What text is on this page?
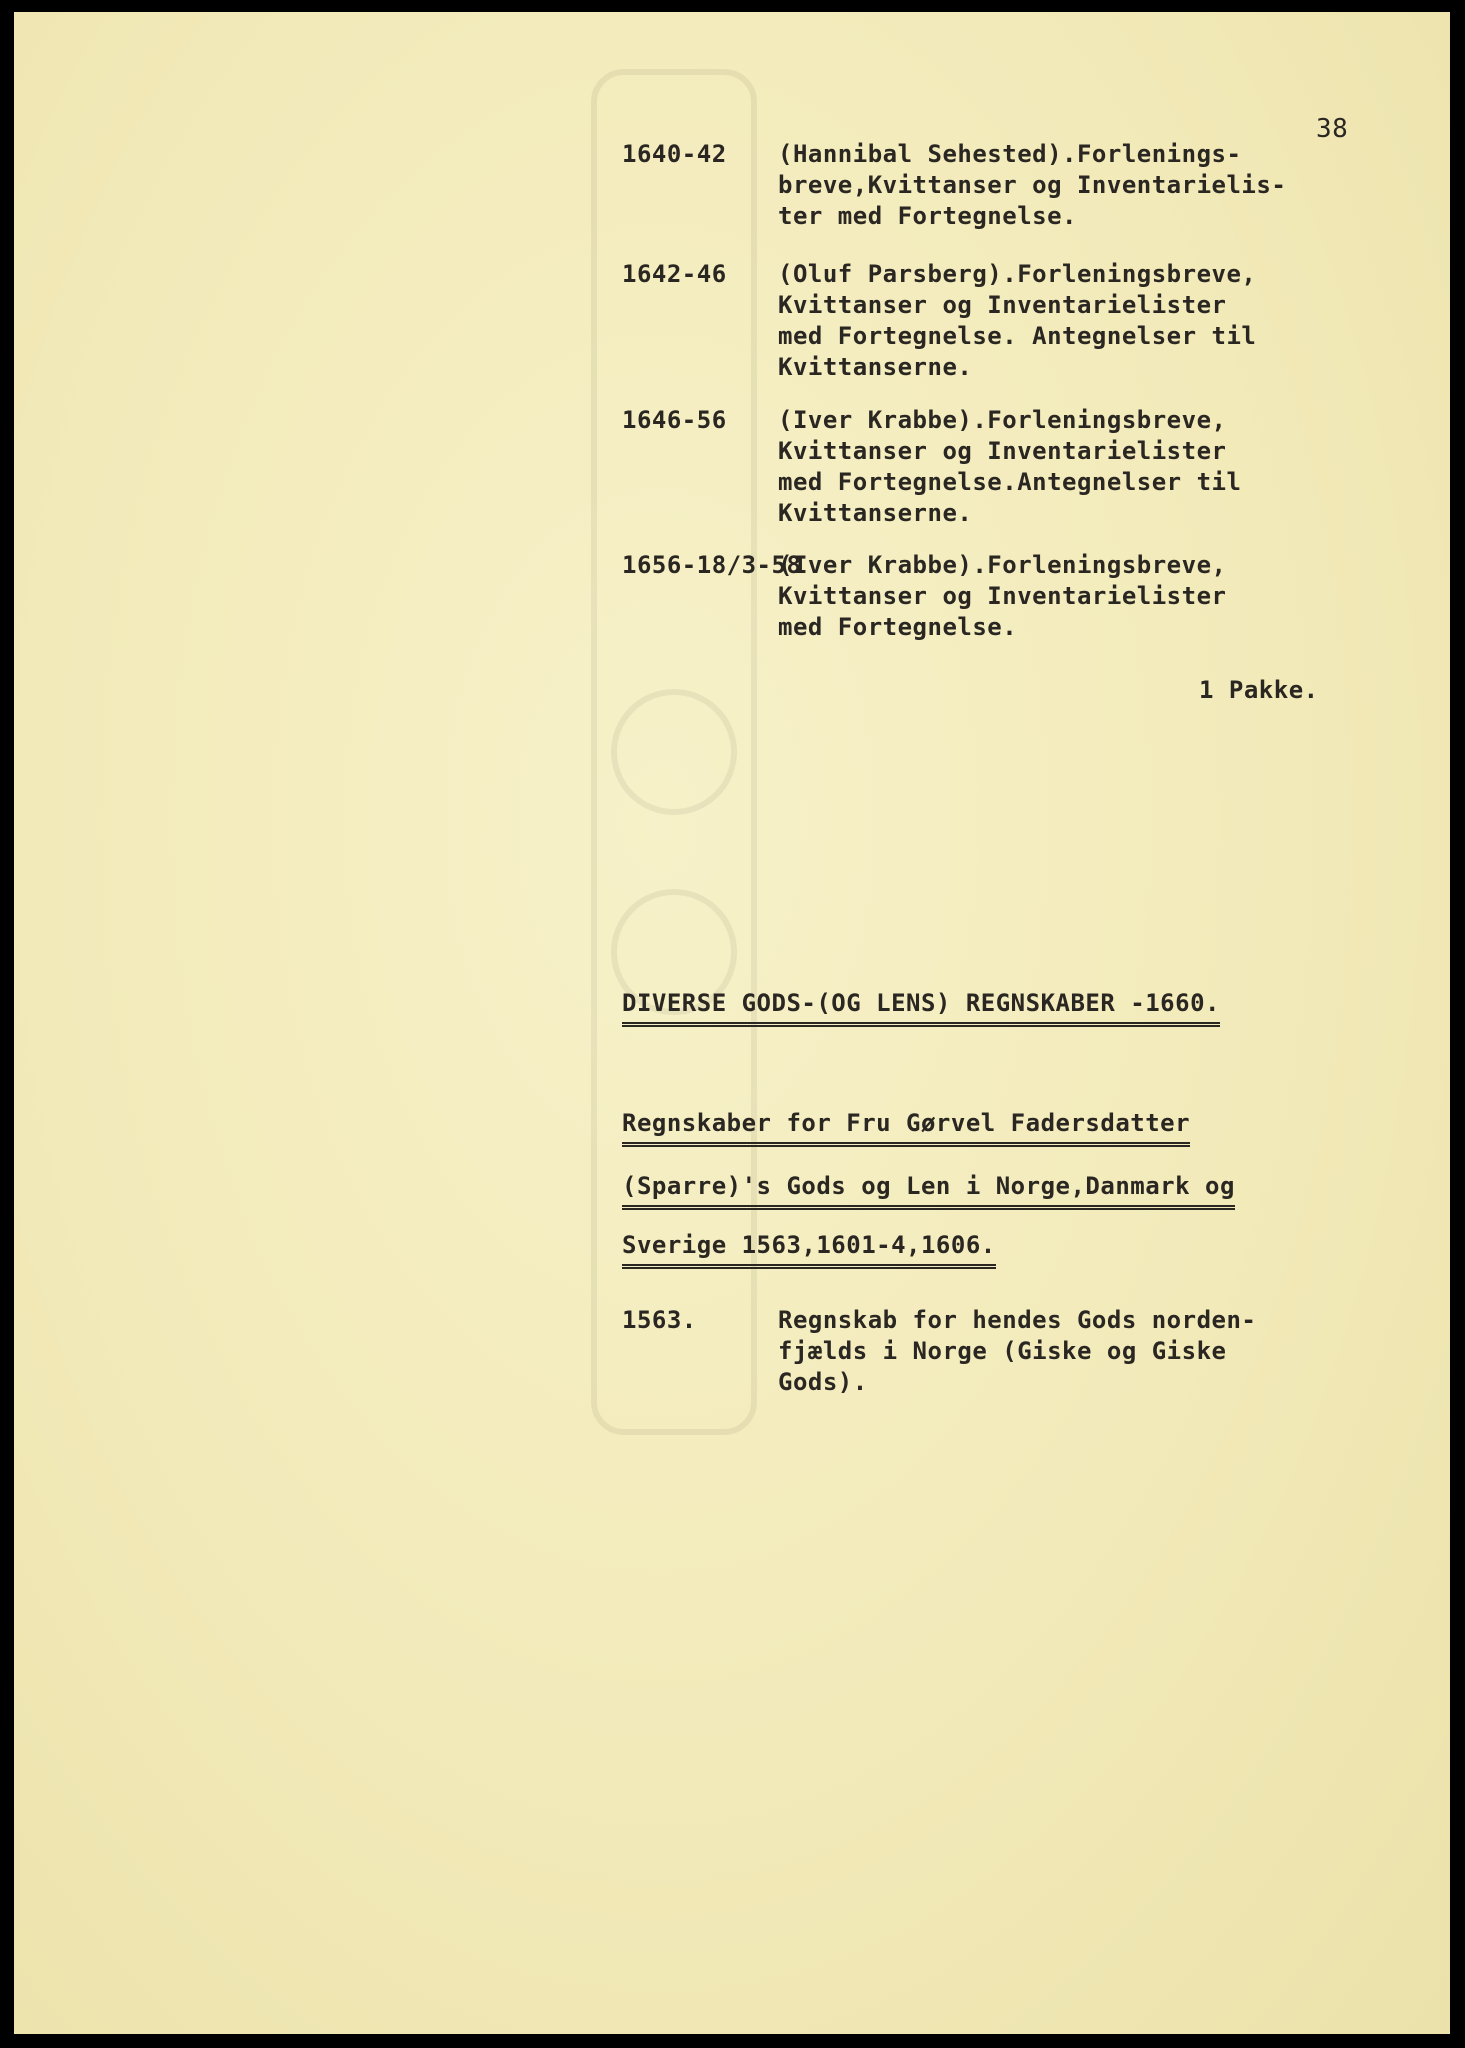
38
1640-42 (Hannibal Sehested).Forlenings-
breve,Kvittanser og Inventarielis-
ter med Fortegnelse.
1642-46 (Oluf Parsberg).Forleningsbreve,
Kvittanser og Inventarielister
med Fortegnelse. Antegnelser til
Kvittanserne.
1646-56 (Iver Krabbe).Forleningsbreve,
Kvittanser og Inventarielister
med Fortegnelse.Antegnelser til
Kvittanserne.
1656-18/3-58
(Iver Krabbe).Forleningsbreve,
Kvittanser og Inventarielister
med Fortegnelse.
1 Pakke.
DIVERSE GODS-(OG LENS) REGNSKABER -1660.
Regnskaber for Fru Gørvel Fadersdatter
(Sparre)'s Gods og Len i Norge,Danmark og
Sverige 1563,1601-4,1606.
1563.	Regnskab for hendes Gods norden-
fjælds i Norge (Giske og Giske
Gods).
